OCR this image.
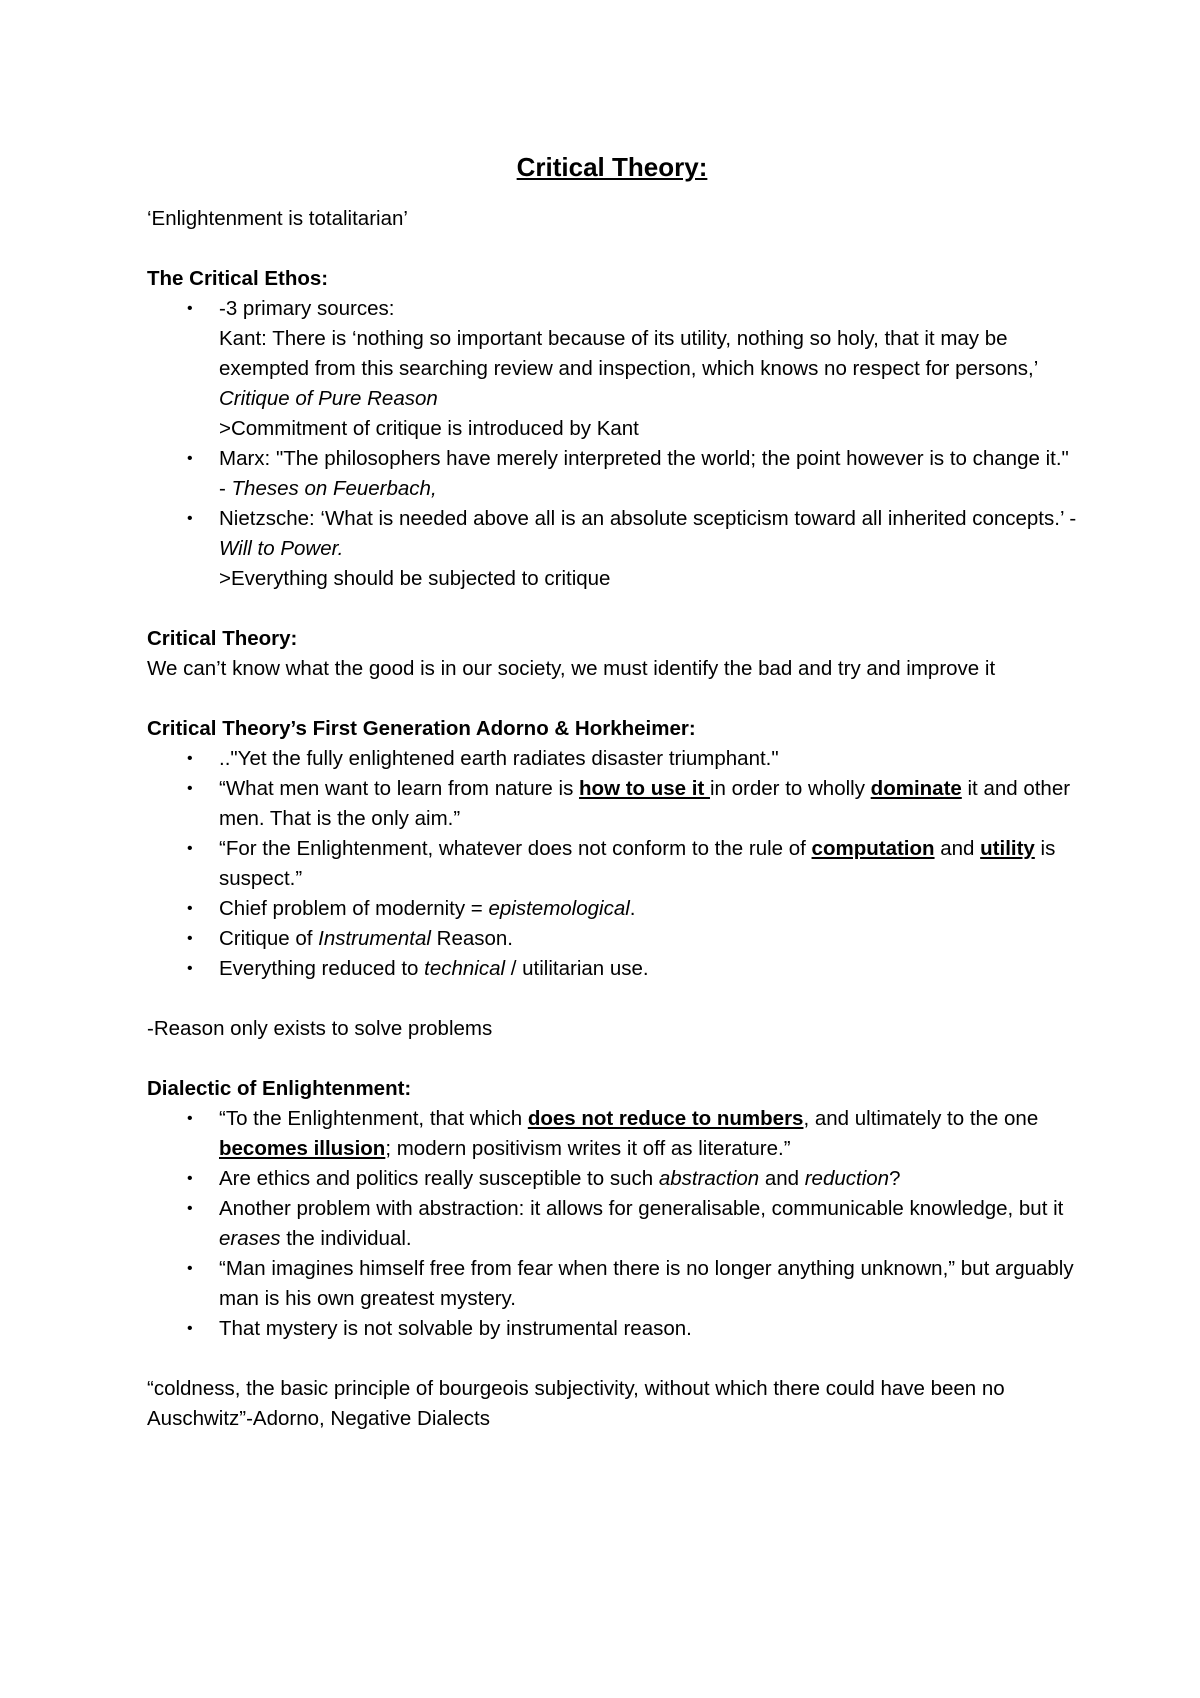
Critical Theory:

‘Enlightenment is totalitarian’

The Critical Ethos:

• -3 primary sources:
Kant: There is ‘nothing so important because of its utility, nothing so holy, that it may be exempted from this searching review and inspection, which knows no respect for persons,’ Critique of Pure Reason
>Commitment of critique is introduced by Kant
• Marx: "The philosophers have merely interpreted the world; the point however is to change it." - Theses on Feuerbach,
• Nietzsche: ‘What is needed above all is an absolute scepticism toward all inherited concepts.’ - Will to Power.
>Everything should be subjected to critique

Critical Theory:

We can’t know what the good is in our society, we must identify the bad and try and improve it

Critical Theory’s First Generation Adorno & Horkheimer:

• .."Yet the fully enlightened earth radiates disaster triumphant."
• “What men want to learn from nature is how to use it in order to wholly dominate it and other men. That is the only aim.”
• “For the Enlightenment, whatever does not conform to the rule of computation and utility is suspect.”
• Chief problem of modernity = epistemological.
• Critique of Instrumental Reason.
• Everything reduced to technical / utilitarian use.

-Reason only exists to solve problems

Dialectic of Enlightenment:

• “To the Enlightenment, that which does not reduce to numbers, and ultimately to the one becomes illusion; modern positivism writes it off as literature.”
• Are ethics and politics really susceptible to such abstraction and reduction?
• Another problem with abstraction: it allows for generalisable, communicable knowledge, but it erases the individual.
• “Man imagines himself free from fear when there is no longer anything unknown,” but arguably man is his own greatest mystery.
• That mystery is not solvable by instrumental reason.

“coldness, the basic principle of bourgeois subjectivity, without which there could have been no Auschwitz”-Adorno, Negative Dialects
